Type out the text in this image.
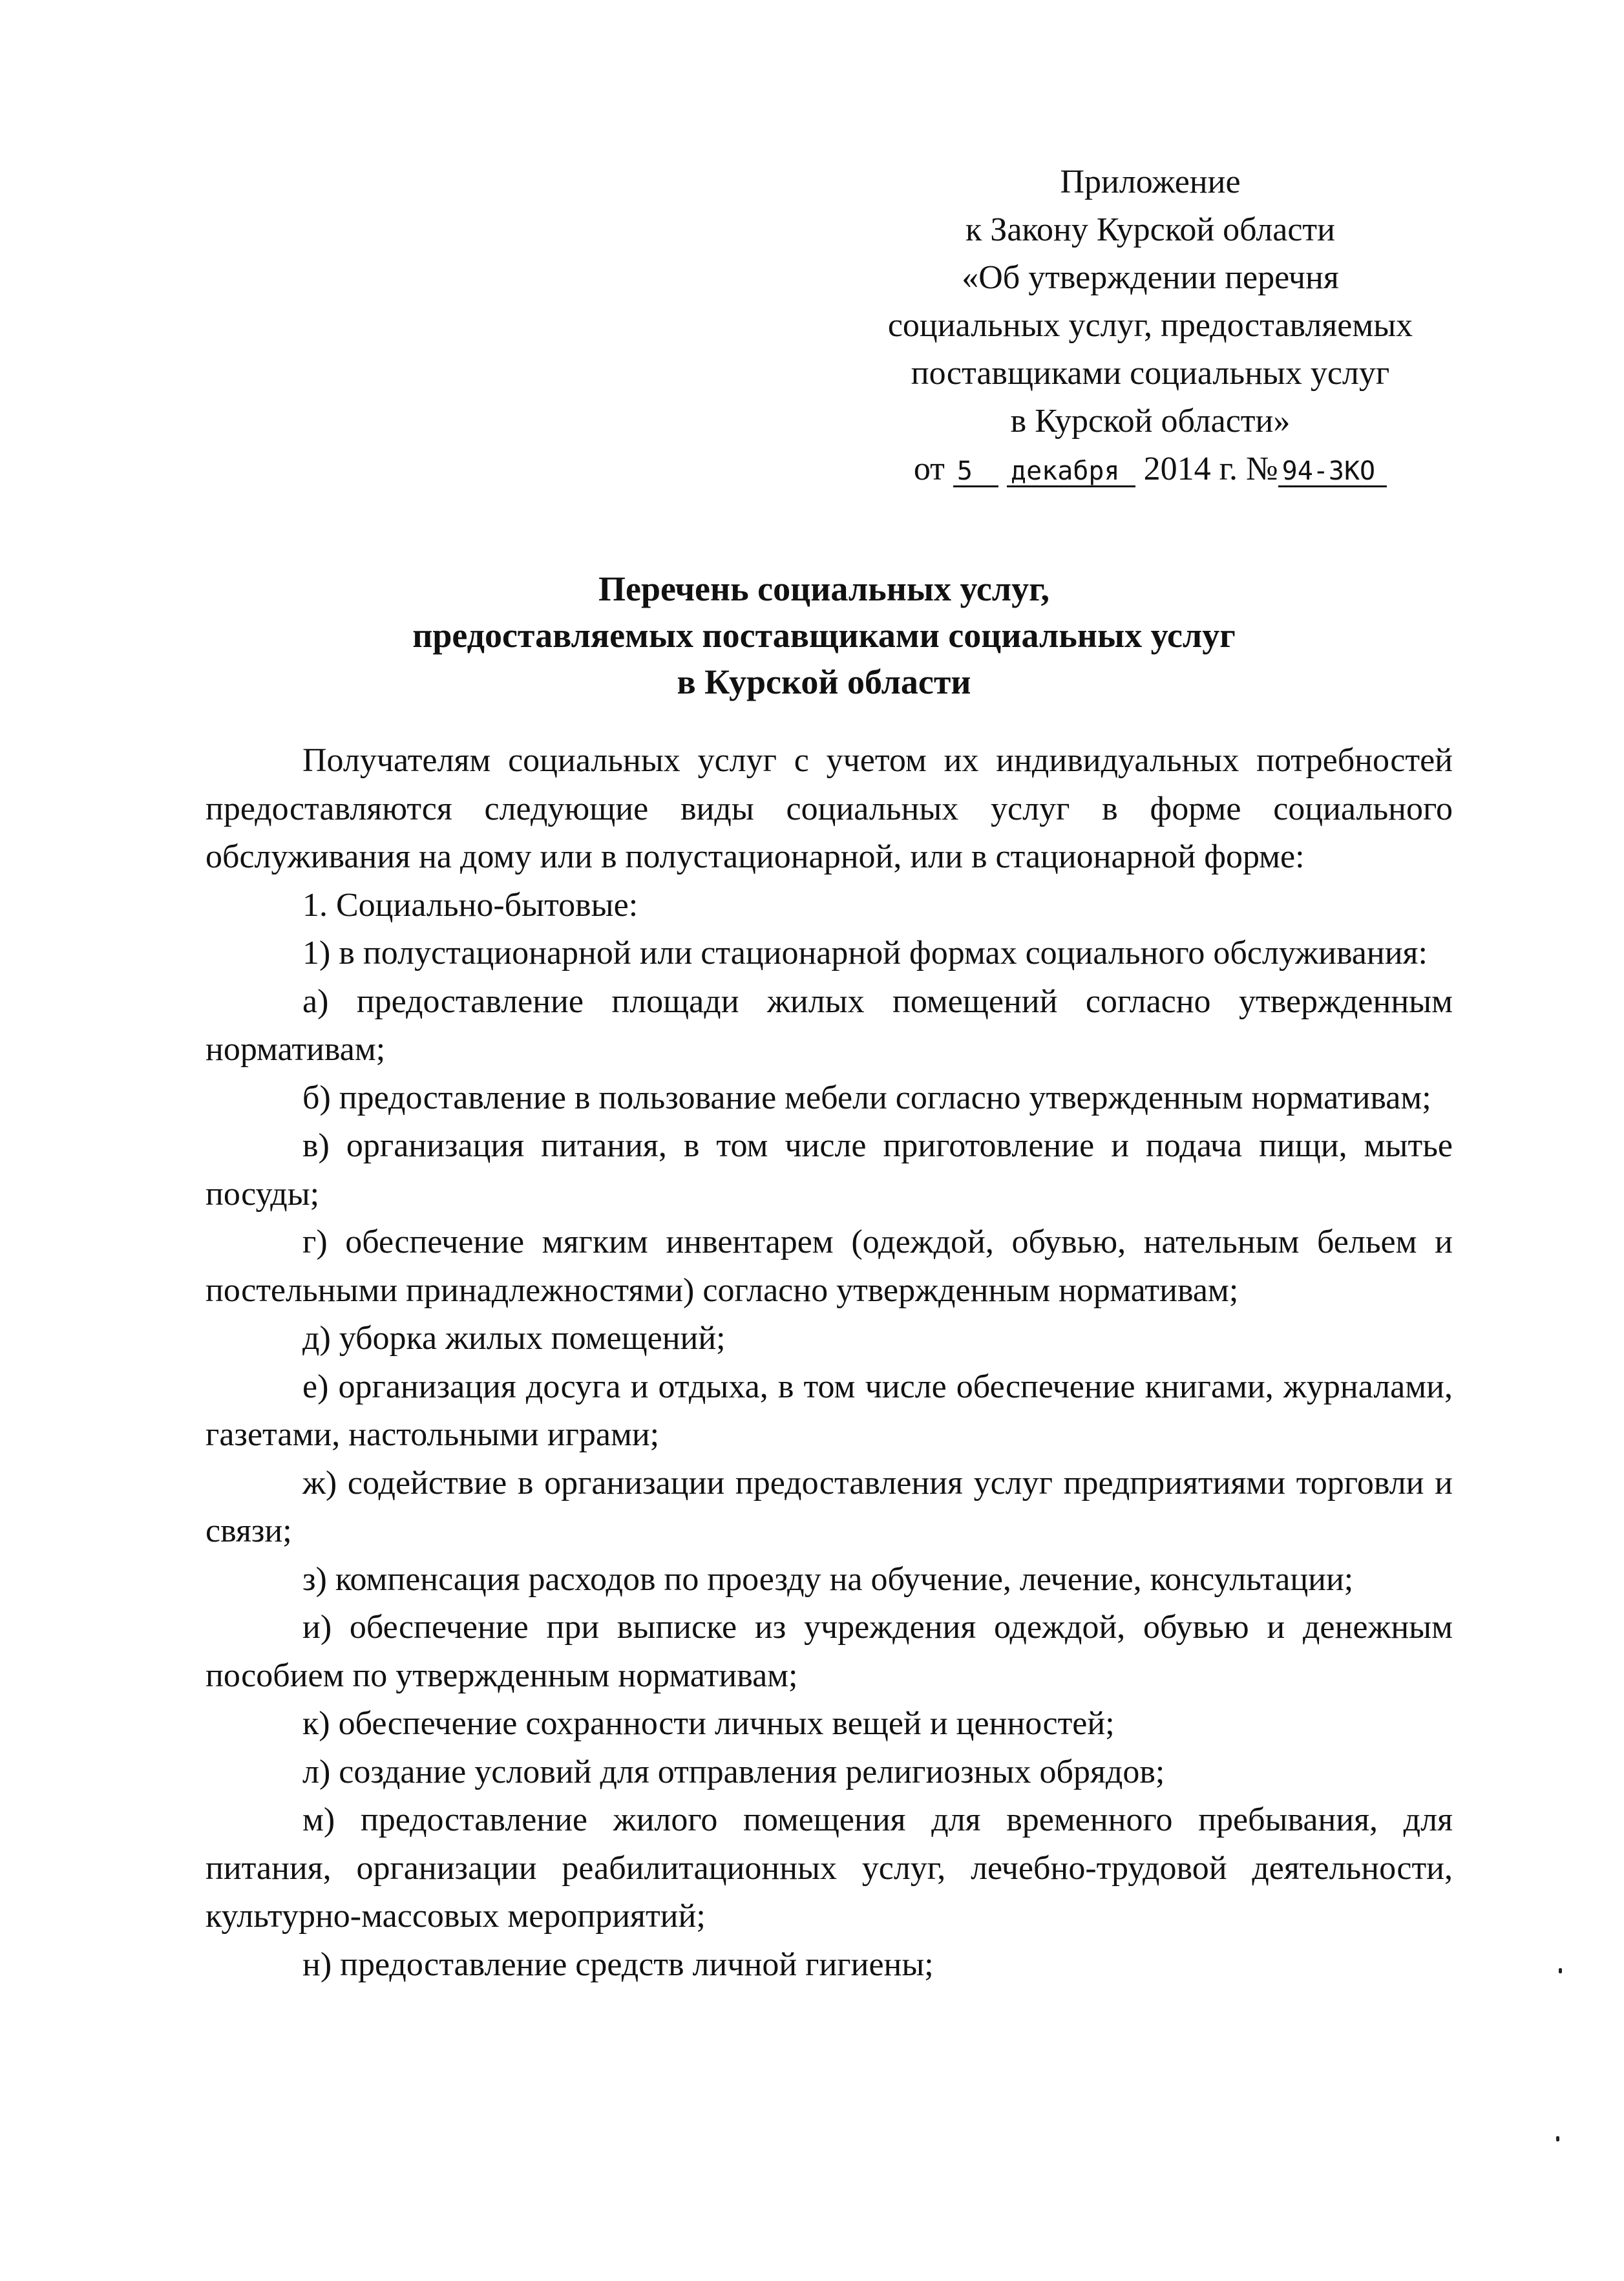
Приложение
к Закону Курской области
«Об утверждении перечня
социальных услуг, предоставляемых
поставщиками социальных услуг
в Курской области»
от 5 декабря 2014 г. № 94-ЗКО
Перечень социальных услуг,
предоставляемых поставщиками социальных услуг
в Курской области

Получателям социальных услуг с учетом их индивидуальных потребностей предоставляются следующие виды социальных услуг в форме социального обслуживания на дому или в полустационарной, или в стационарной форме:

1. Социально-бытовые:

1) в полустационарной или стационарной формах социального обслуживания:

а) предоставление площади жилых помещений согласно утвержденным нормативам;

б) предоставление в пользование мебели согласно утвержденным нормативам;

в) организация питания, в том числе приготовление и подача пищи, мытье посуды;

г) обеспечение мягким инвентарем (одеждой, обувью, нательным бельем и постельными принадлежностями) согласно утвержденным нормативам;

д) уборка жилых помещений;

е) организация досуга и отдыха, в том числе обеспечение книгами, журналами, газетами, настольными играми;

ж) содействие в организации предоставления услуг предприятиями торговли и связи;

з) компенсация расходов по проезду на обучение, лечение, консультации;

и) обеспечение при выписке из учреждения одеждой, обувью и денежным пособием по утвержденным нормативам;

к) обеспечение сохранности личных вещей и ценностей;

л) создание условий для отправления религиозных обрядов;

м) предоставление жилого помещения для временного пребывания, для питания, организации реабилитационных услуг, лечебно-трудовой деятельности, культурно-массовых мероприятий;

н) предоставление средств личной гигиены;
